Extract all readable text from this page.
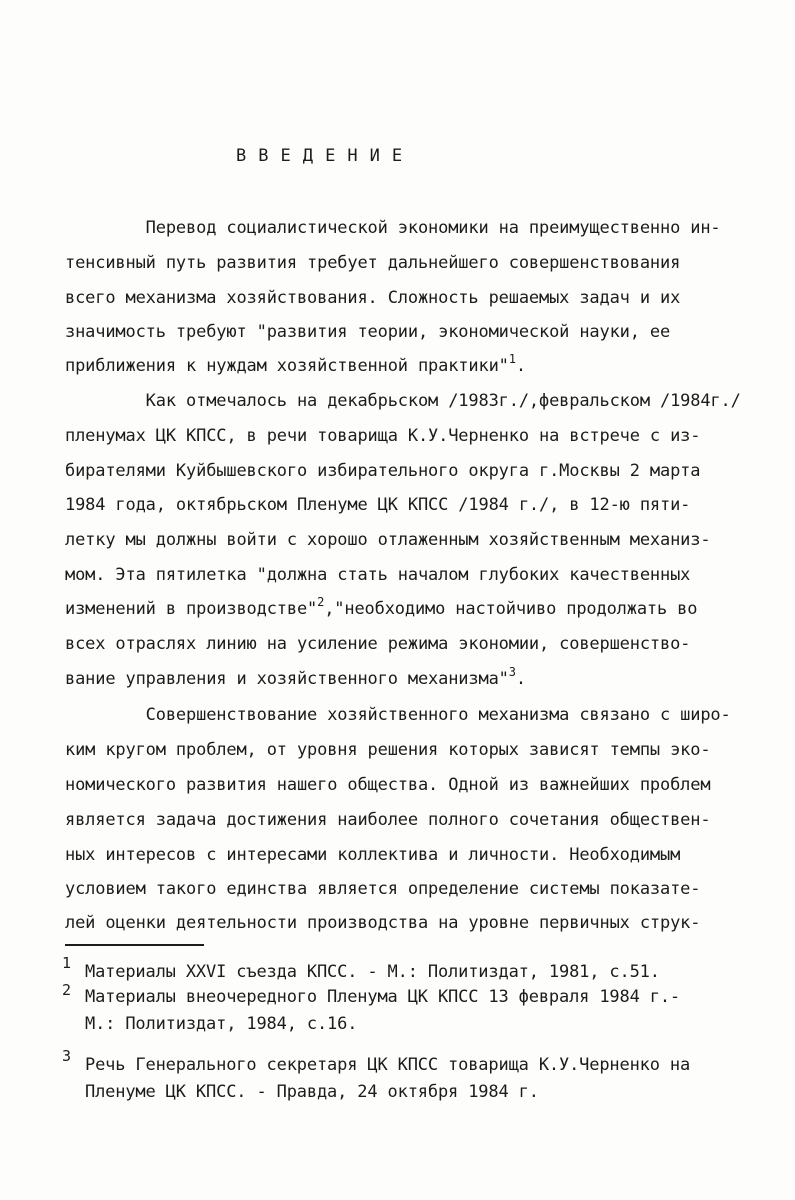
В В Е Д Е Н И Е
Перевод социалистической экономики на преимущественно ин-
тенсивный путь развития требует дальнейшего совершенствования
всего механизма хозяйствования. Сложность решаемых задач и их
значимость требуют "развития теории, экономической науки, ее
приближения к нуждам хозяйственной практики"$^1$.
Как отмечалось на декабрьском /1983г./,февральском /1984г./
пленумах ЦК КПСС, в речи товарища К.У.Черненко на встрече с из-
бирателями Куйбышевского избирательного округа г.Москвы 2 марта
1984 года, октябрьском Пленуме ЦК КПСС /1984 г./, в 12-ю пяти-
летку мы должны войти с хорошо отлаженным хозяйственным механиз-
мом. Эта пятилетка "должна стать началом глубоких качественных
изменений в производстве"$^2$,"необходимо настойчиво продолжать во
всех отраслях линию на усиление режима экономии, совершенство-
вание управления и хозяйственного механизма"$^3$.
Совершенствование хозяйственного механизма связано с широ-
ким кругом проблем, от уровня решения которых зависят темпы эко-
номического развития нашего общества. Одной из важнейших проблем
является задача достижения наиболее полного сочетания обществен-
ных интересов с интересами коллектива и личности. Необходимым
условием такого единства является определение системы показате-
лей оценки деятельности производства на уровне первичных струк-
1 Материалы XXVI съезда КПСС. - М.: Политиздат, 1981, с.51.
2 Материалы внеочередного Пленума ЦК КПСС 13 февраля 1984 г.-
М.: Политиздат, 1984, с.16.
3 Речь Генерального секретаря ЦК КПСС товарища К.У.Черненко на
Пленуме ЦК КПСС. - Правда, 24 октября 1984 г.
